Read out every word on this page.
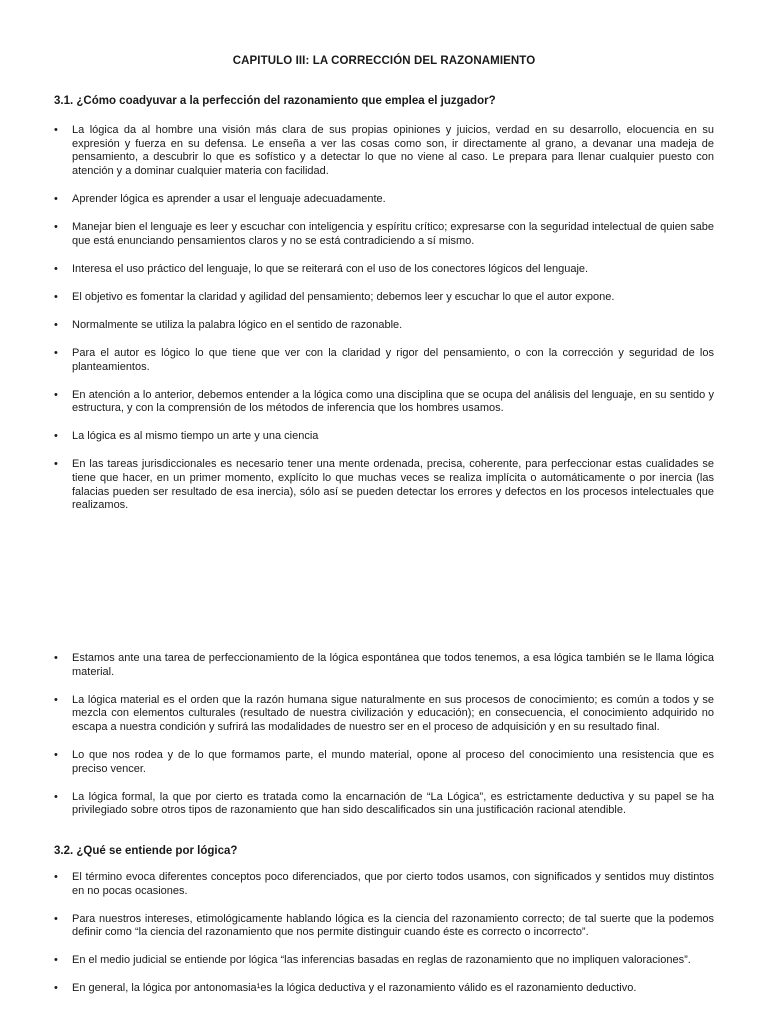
CAPITULO III: LA CORRECCIÓN DEL RAZONAMIENTO
3.1. ¿Cómo coadyuvar a la perfección del razonamiento que emplea el juzgador?
• La lógica da al hombre una visión más clara de sus propias opiniones y juicios, verdad en su desarrollo, elocuencia en su expresión y fuerza en su defensa. Le enseña a ver las cosas como son, ir directamente al grano, a devanar una madeja de pensamiento, a descubrir lo que es sofístico y a detectar lo que no viene al caso. Le prepara para llenar cualquier puesto con atención y a dominar cualquier materia con facilidad.
• Aprender lógica es aprender a usar el lenguaje adecuadamente.
• Manejar bien el lenguaje es leer y escuchar con inteligencia y espíritu crítico; expresarse con la seguridad intelectual de quien sabe que está enunciando pensamientos claros y no se está contradiciendo a sí mismo.
• Interesa el uso práctico del lenguaje, lo que se reiterará con el uso de los conectores lógicos del lenguaje.
• El objetivo es fomentar la claridad y agilidad del pensamiento; debemos leer y escuchar lo que el autor expone.
• Normalmente se utiliza la palabra lógico en el sentido de razonable.
• Para el autor es lógico lo que tiene que ver con la claridad y rigor del pensamiento, o con la corrección y seguridad de los planteamientos.
• En atención a lo anterior, debemos entender a la lógica como una disciplina que se ocupa del análisis del lenguaje, en su sentido y estructura, y con la comprensión de los métodos de inferencia que los hombres usamos.
• La lógica es al mismo tiempo un arte y una ciencia
• En las tareas jurisdiccionales es necesario tener una mente ordenada, precisa, coherente, para perfeccionar estas cualidades se tiene que hacer, en un primer momento, explícito lo que muchas veces se realiza implícita o automáticamente o por inercia (las falacias pueden ser resultado de esa inercia), sólo así se pueden detectar los errores y defectos en los procesos intelectuales que realizamos.
• Estamos ante una tarea de perfeccionamiento de la lógica espontánea que todos tenemos, a esa lógica también se le llama lógica material.
• La lógica material es el orden que la razón humana sigue naturalmente en sus procesos de conocimiento; es común a todos y se mezcla con elementos culturales (resultado de nuestra civilización y educación); en consecuencia, el conocimiento adquirido no escapa a nuestra condición y sufrirá las modalidades de nuestro ser en el proceso de adquisición y en su resultado final.
• Lo que nos rodea y de lo que formamos parte, el mundo material, opone al proceso del conocimiento una resistencia que es preciso vencer.
• La lógica formal, la que por cierto es tratada como la encarnación de “La Lógica”, es estrictamente deductiva y su papel se ha privilegiado sobre otros tipos de razonamiento que han sido descalificados sin una justificación racional atendible.
3.2. ¿Qué se entiende por lógica?
• El término evoca diferentes conceptos poco diferenciados, que por cierto todos usamos, con significados y sentidos muy distintos en no pocas ocasiones.
• Para nuestros intereses, etimológicamente hablando lógica es la ciencia del razonamiento correcto; de tal suerte que la podemos definir como “la ciencia del razonamiento que nos permite distinguir cuando éste es correcto o incorrecto”.
• En el medio judicial se entiende por lógica “las inferencias basadas en reglas de razonamiento que no impliquen valoraciones”.
• En general, la lógica por antonomasia¹es la lógica deductiva y el razonamiento válido es el razonamiento deductivo.
